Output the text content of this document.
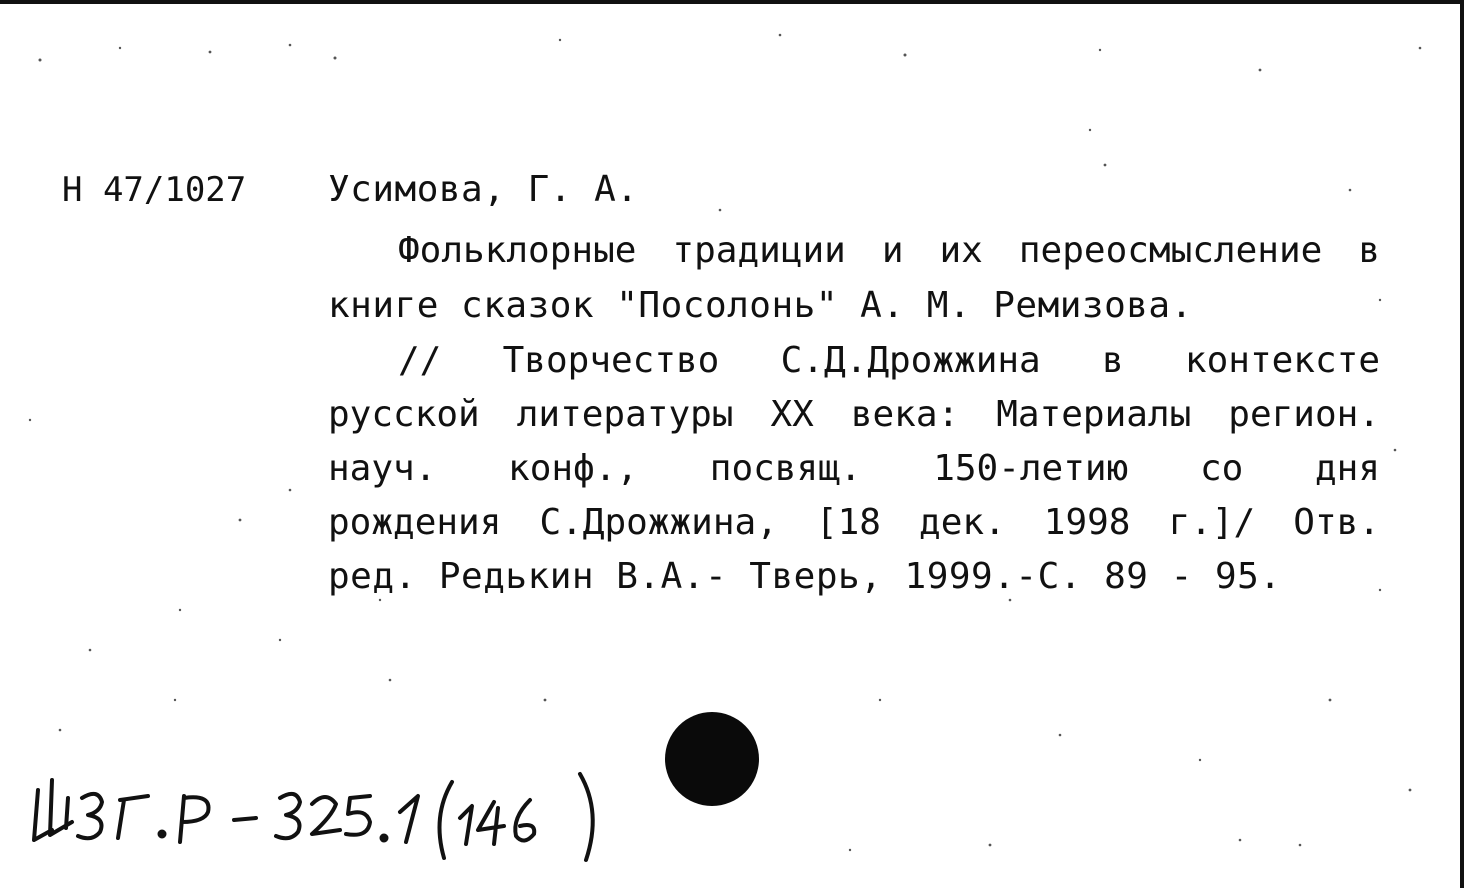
Н 47/1027 Усимова, Г. А.
Фольклорные традиции и их переосмысление в
книге сказок "Посолонь" А. М. Ремизова.
// Творчество С.Д.Дрожжина в контексте
русской литературы XX века: Материалы регион.
науч. конф., посвящ. 150-летию со дня
рождения С.Дрожжина, [18 дек. 1998 г.]/ Отв.
ред. Редькин В.А.- Тверь, 1999.-С. 89 - 95.
